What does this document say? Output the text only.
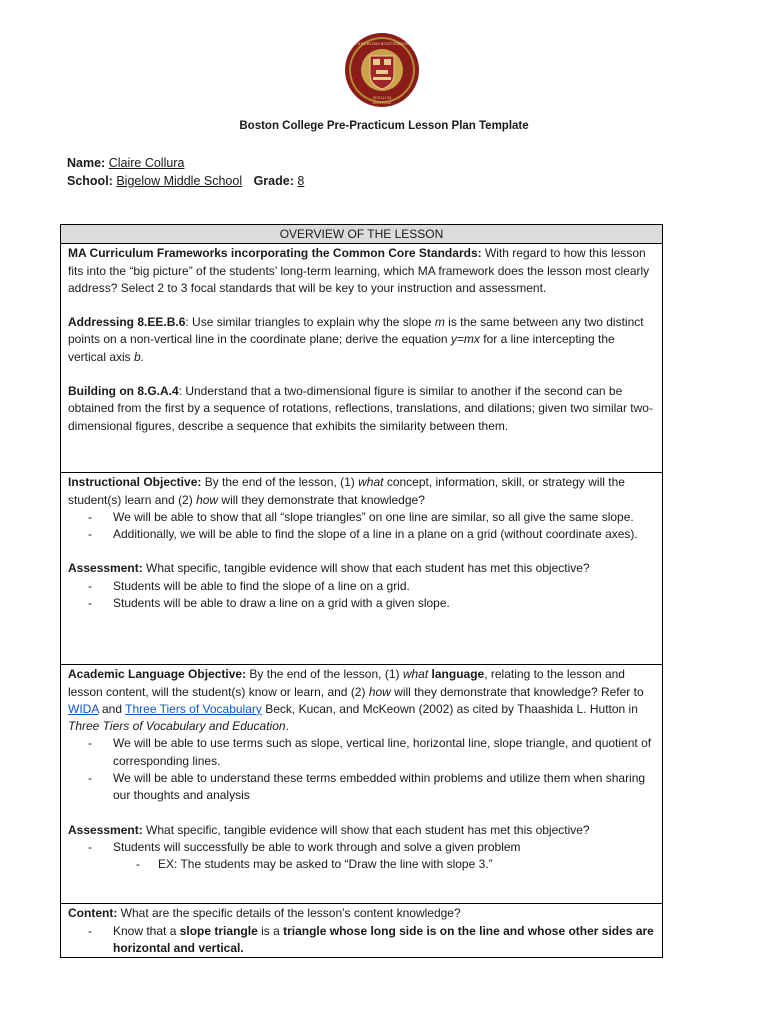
UNIVERSITAS BOSTONIENSIS
SIGILLUM
MDCCCLXIII
Boston College Pre-Practicum Lesson Plan Template
Name: Claire Collura
School: Bigelow Middle School Grade: 8
OVERVIEW OF THE LESSON

MA Curriculum Frameworks incorporating the Common Core Standards: With regard to how this lesson fits into the “big picture” of the students’ long-term learning, which MA framework does the lesson most clearly address? Select 2 to 3 focal standards that will be key to your instruction and assessment.

Addressing 8.EE.B.6: Use similar triangles to explain why the slope m is the same between any two distinct points on a non-vertical line in the coordinate plane; derive the equation y=mx for a line intercepting the vertical axis b.

Building on 8.G.A.4: Understand that a two-dimensional figure is similar to another if the second can be obtained from the first by a sequence of rotations, reflections, translations, and dilations; given two similar two-dimensional figures, describe a sequence that exhibits the similarity between them.

Instructional Objective: By the end of the lesson, (1) what concept, information, skill, or strategy will the student(s) learn and (2) how will they demonstrate that knowledge?

- We will be able to show that all “slope triangles” on one line are similar, so all give the same slope.
- Additionally, we will be able to find the slope of a line in a plane on a grid (without coordinate axes).

Assessment: What specific, tangible evidence will show that each student has met this objective?

- Students will be able to find the slope of a line on a grid.
- Students will be able to draw a line on a grid with a given slope.

Academic Language Objective: By the end of the lesson, (1) what language, relating to the lesson and lesson content, will the student(s) know or learn, and (2) how will they demonstrate that knowledge? Refer to WIDA and Three Tiers of Vocabulary Beck, Kucan, and McKeown (2002) as cited by Thaashida L. Hutton in Three Tiers of Vocabulary and Education.

- We will be able to use terms such as slope, vertical line, horizontal line, slope triangle, and quotient of corresponding lines.
- We will be able to understand these terms embedded within problems and utilize them when sharing our thoughts and analysis

Assessment: What specific, tangible evidence will show that each student has met this objective?

- Students will successfully be able to work through and solve a given problem
- EX: The students may be asked to “Draw the line with slope 3.”

Content: What are the specific details of the lesson’s content knowledge?

- Know that a slope triangle is a triangle whose long side is on the line and whose other sides are horizontal and vertical.
